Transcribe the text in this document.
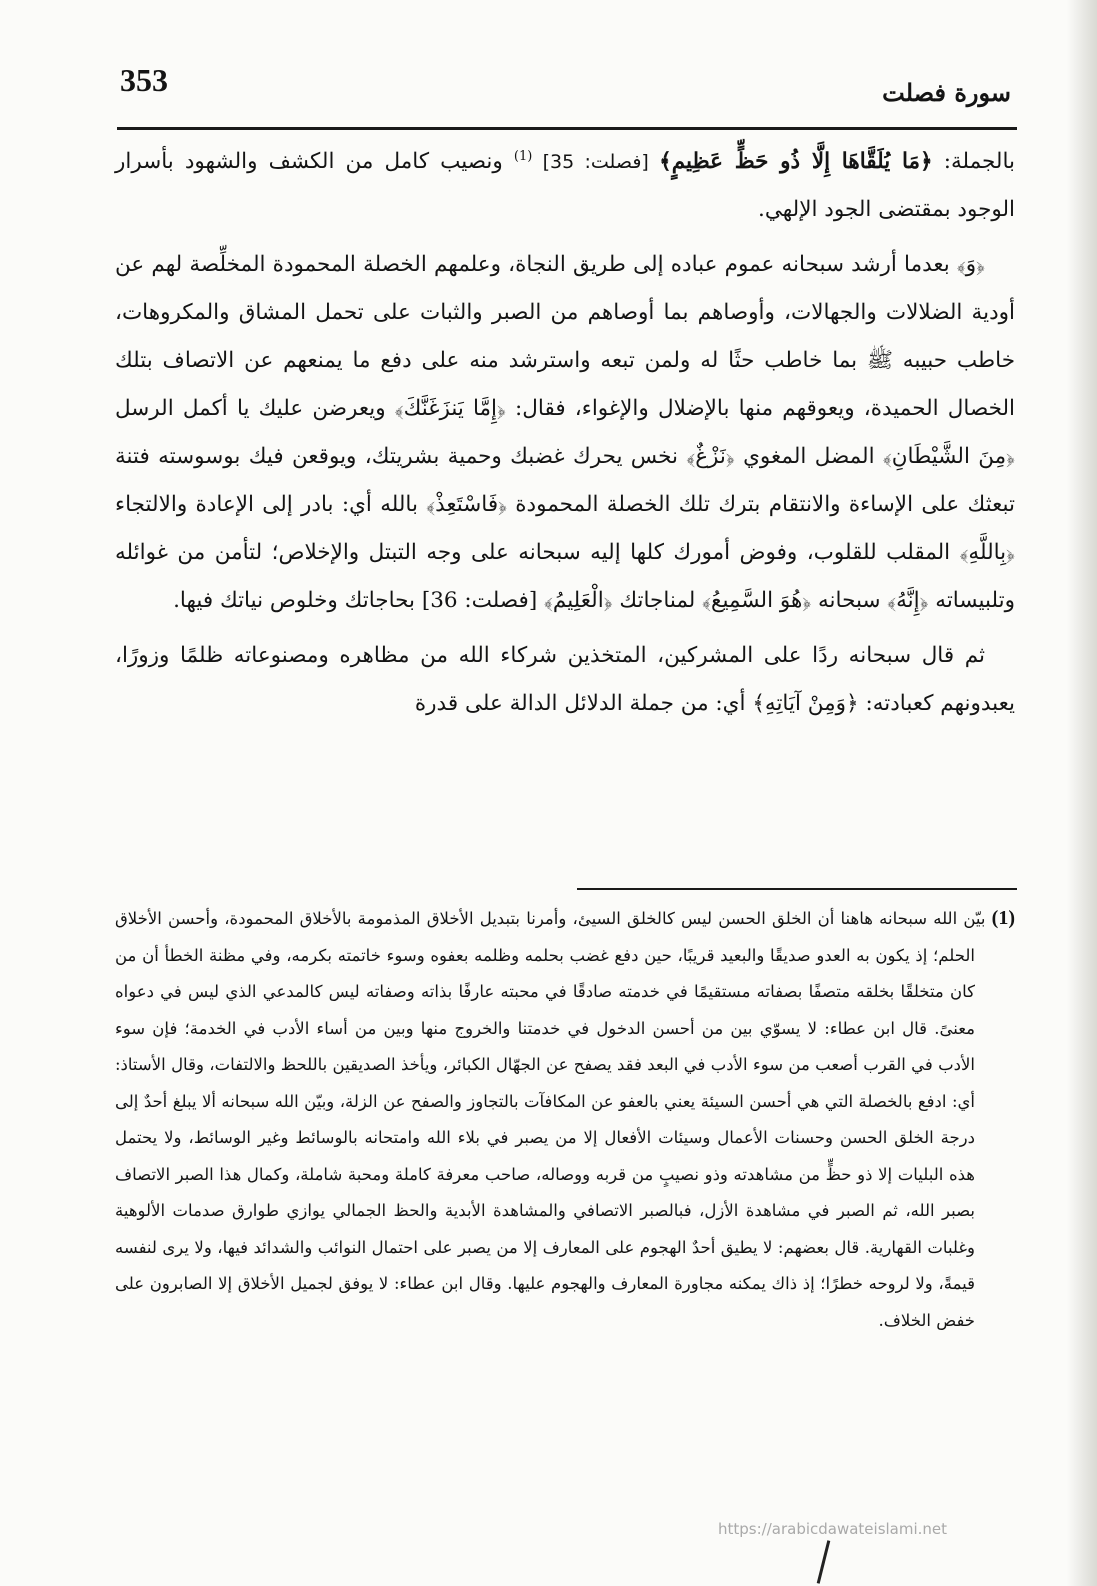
353	سورة فصلت

بالجملة: ﴿مَا يُلَقَّاهَا إِلَّا ذُو حَظٍّ عَظِيمٍ﴾ [فصلت: 35] $^{(1)}$ ونصيب كامل من الكشف والشهود بأسرار الوجود بمقتضى الجود الإلهي.

﴿وَ﴾ بعدما أرشد سبحانه عموم عباده إلى طريق النجاة، وعلمهم الخصلة المحمودة المخلِّصة لهم عن أودية الضلالات والجهالات، وأوصاهم بما أوصاهم من الصبر والثبات على تحمل المشاق والمكروهات، خاطب حبيبه ﷺ بما خاطب حثًا له ولمن تبعه واسترشد منه على دفع ما يمنعهم عن الاتصاف بتلك الخصال الحميدة، ويعوقهم منها بالإضلال والإغواء، فقال: ﴿إِمَّا يَنزَغَنَّكَ﴾ ويعرضن عليك يا أكمل الرسل ﴿مِنَ الشَّيْطَانِ﴾ المضل المغوي ﴿نَزْغٌ﴾ نخس يحرك غضبك وحمية بشريتك، ويوقعن فيك بوسوسته فتنة تبعثك على الإساءة والانتقام بترك تلك الخصلة المحمودة ﴿فَاسْتَعِذْ﴾ بالله أي: بادر إلى الإعادة والالتجاء ﴿بِاللَّهِ﴾ المقلب للقلوب، وفوض أمورك كلها إليه سبحانه على وجه التبتل والإخلاص؛ لتأمن من غوائله وتلبيساته ﴿إِنَّهُ﴾ سبحانه ﴿هُوَ السَّمِيعُ﴾ لمناجاتك ﴿الْعَلِيمُ﴾ [فصلت: 36] بحاجاتك وخلوص نياتك فيها.

ثم قال سبحانه ردًا على المشركين، المتخذين شركاء الله من مظاهره ومصنوعاته ظلمًا وزورًا، يعبدونهم كعبادته: ﴿وَمِنْ آيَاتِهِ﴾ أي: من جملة الدلائل الدالة على قدرة

(1) بيّن الله سبحانه هاهنا أن الخلق الحسن ليس كالخلق السيئ، وأمرنا بتبديل الأخلاق المذمومة بالأخلاق المحمودة، وأحسن الأخلاق الحلم؛ إذ يكون به العدو صديقًا والبعيد قريبًا، حين دفع غضب بحلمه وظلمه بعفوه وسوء خاتمته بكرمه، وفي مظنة الخطأ أن من كان متخلقًا بخلقه متصفًا بصفاته مستقيمًا في خدمته صادقًا في محبته عارفًا بذاته وصفاته ليس كالمدعي الذي ليس في دعواه معنىً. قال ابن عطاء: لا يسوّي بين من أحسن الدخول في خدمتنا والخروج منها وبين من أساء الأدب في الخدمة؛ فإن سوء الأدب في القرب أصعب من سوء الأدب في البعد فقد يصفح عن الجهّال الكبائر، ويأخذ الصديقين باللحظ والالتفات، وقال الأستاذ: أي: ادفع بالخصلة التي هي أحسن السيئة يعني بالعفو عن المكافآت بالتجاوز والصفح عن الزلة، وبيّن الله سبحانه ألا يبلغ أحدٌ إلى درجة الخلق الحسن وحسنات الأعمال وسيئات الأفعال إلا من يصبر في بلاء الله وامتحانه بالوسائط وغير الوسائط، ولا يحتمل هذه البليات إلا ذو حظٍّ من مشاهدته وذو نصيبٍ من قربه ووصاله، صاحب معرفة كاملة ومحبة شاملة، وكمال هذا الصبر الاتصاف بصبر الله، ثم الصبر في مشاهدة الأزل، فبالصبر الاتصافي والمشاهدة الأبدية والحظ الجمالي يوازي طوارق صدمات الألوهية وغلبات القهارية. قال بعضهم: لا يطيق أحدٌ الهجوم على المعارف إلا من يصبر على احتمال النوائب والشدائد فيها، ولا يرى لنفسه قيمةً، ولا لروحه خطرًا؛ إذ ذاك يمكنه مجاورة المعارف والهجوم عليها. وقال ابن عطاء: لا يوفق لجميل الأخلاق إلا الصابرون على خفض الخلاف.

https://arabicdawateislami.net
